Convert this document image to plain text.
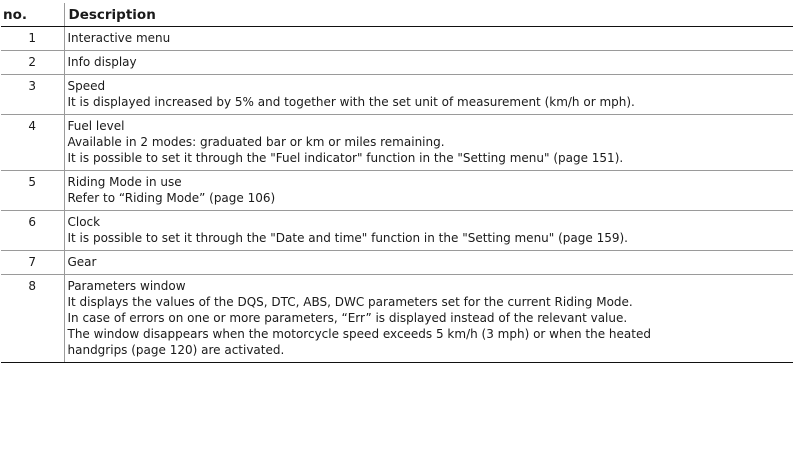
no.	Description
1	Interactive menu

2	Info display

3	Speed
It is displayed increased by 5% and together with the set unit of measurement (km/h or mph).

4	Fuel level
Available in 2 modes: graduated bar or km or miles remaining.
It is possible to set it through the "Fuel indicator" function in the "Setting menu" (page 151).

5	Riding Mode in use
Refer to “Riding Mode” (page 106)

6	Clock
It is possible to set it through the "Date and time" function in the "Setting menu" (page 159).

7	Gear

8	Parameters window
It displays the values of the DQS, DTC, ABS, DWC parameters set for the current Riding Mode.
In case of errors on one or more parameters, “Err” is displayed instead of the relevant value.
The window disappears when the motorcycle speed exceeds 5 km/h (3 mph) or when the heated
handgrips (page 120) are activated.
